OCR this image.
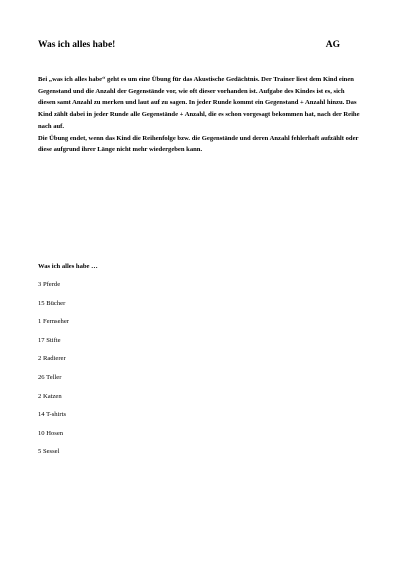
Was ich alles habe!	AG

Bei „was ich alles habe“ geht es um eine Übung für das Akustische Gedächtnis. Der Trainer liest dem Kind einen Gegenstand und die Anzahl der Gegenstände vor, wie oft dieser vorhanden ist. Aufgabe des Kindes ist es, sich diesen samt Anzahl zu merken und laut auf zu sagen. In jeder Runde kommt ein Gegenstand + Anzahl hinzu. Das Kind zählt dabei in jeder Runde alle Gegenstände + Anzahl, die es schon vorgesagt bekommen hat, nach der Reihe nach auf.

Die Übung endet, wenn das Kind die Reihenfolge bzw. die Gegenstände und deren Anzahl fehlerhaft aufzählt oder diese aufgrund ihrer Länge nicht mehr wiedergeben kann.

Was ich alles habe …
3 Pferde
15 Bücher
1 Fernseher
17 Stifte
2 Radierer
26 Teller
2 Katzen
14 T-shirts
10 Hosen
5 Sessel
